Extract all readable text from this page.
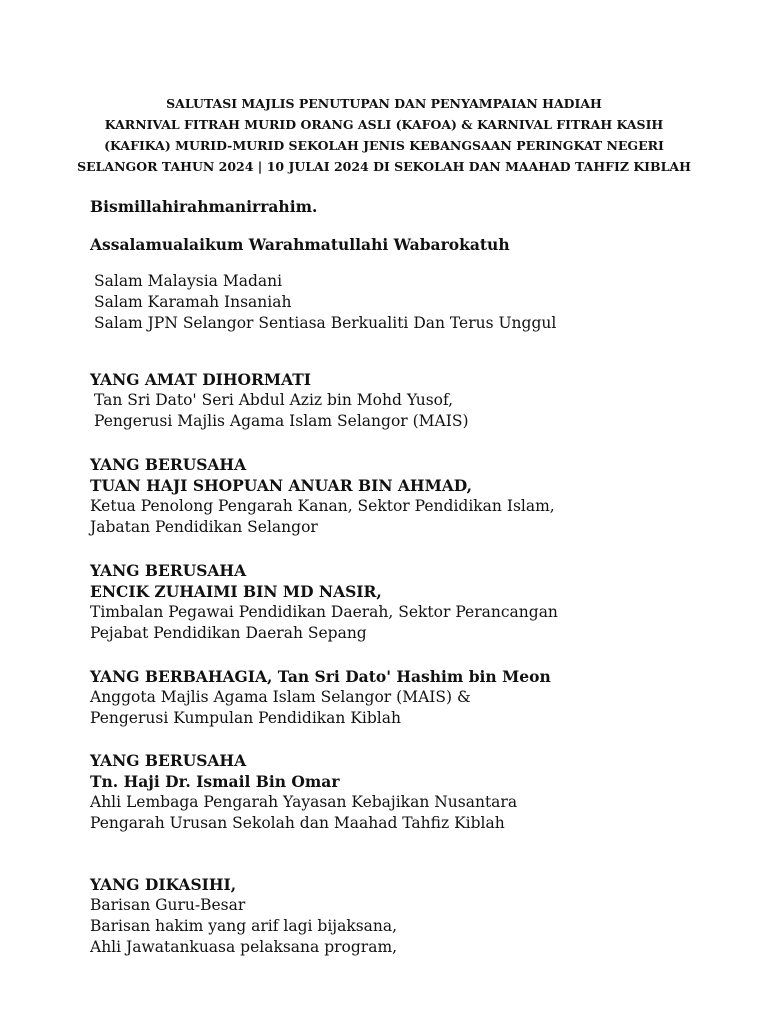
SALUTASI MAJLIS PENUTUPAN DAN PENYAMPAIAN HADIAH
KARNIVAL FITRAH MURID ORANG ASLI (KAFOA) & KARNIVAL FITRAH KASIH
(KAFIKA) MURID-MURID SEKOLAH JENIS KEBANGSAAN PERINGKAT NEGERI
SELANGOR TAHUN 2024 | 10 JULAI 2024 DI SEKOLAH DAN MAAHAD TAHFIZ KIBLAH
Bismillahirahmanirrahim.
Assalamualaikum Warahmatullahi Wabarokatuh
Salam Malaysia Madani
Salam Karamah Insaniah
Salam JPN Selangor Sentiasa Berkualiti Dan Terus Unggul
YANG AMAT DIHORMATI
Tan Sri Dato' Seri Abdul Aziz bin Mohd Yusof,
Pengerusi Majlis Agama Islam Selangor (MAIS)
YANG BERUSAHA
TUAN HAJI SHOPUAN ANUAR BIN AHMAD,
Ketua Penolong Pengarah Kanan, Sektor Pendidikan Islam,
Jabatan Pendidikan Selangor
YANG BERUSAHA
ENCIK ZUHAIMI BIN MD NASIR,
Timbalan Pegawai Pendidikan Daerah, Sektor Perancangan
Pejabat Pendidikan Daerah Sepang
YANG BERBAHAGIA, Tan Sri Dato' Hashim bin Meon
Anggota Majlis Agama Islam Selangor (MAIS) &
Pengerusi Kumpulan Pendidikan Kiblah
YANG BERUSAHA
Tn. Haji Dr. Ismail Bin Omar
Ahli Lembaga Pengarah Yayasan Kebajikan Nusantara
Pengarah Urusan Sekolah dan Maahad Tahfiz Kiblah
YANG DIKASIHI,
Barisan Guru-Besar
Barisan hakim yang arif lagi bijaksana,
Ahli Jawatankuasa pelaksana program,
